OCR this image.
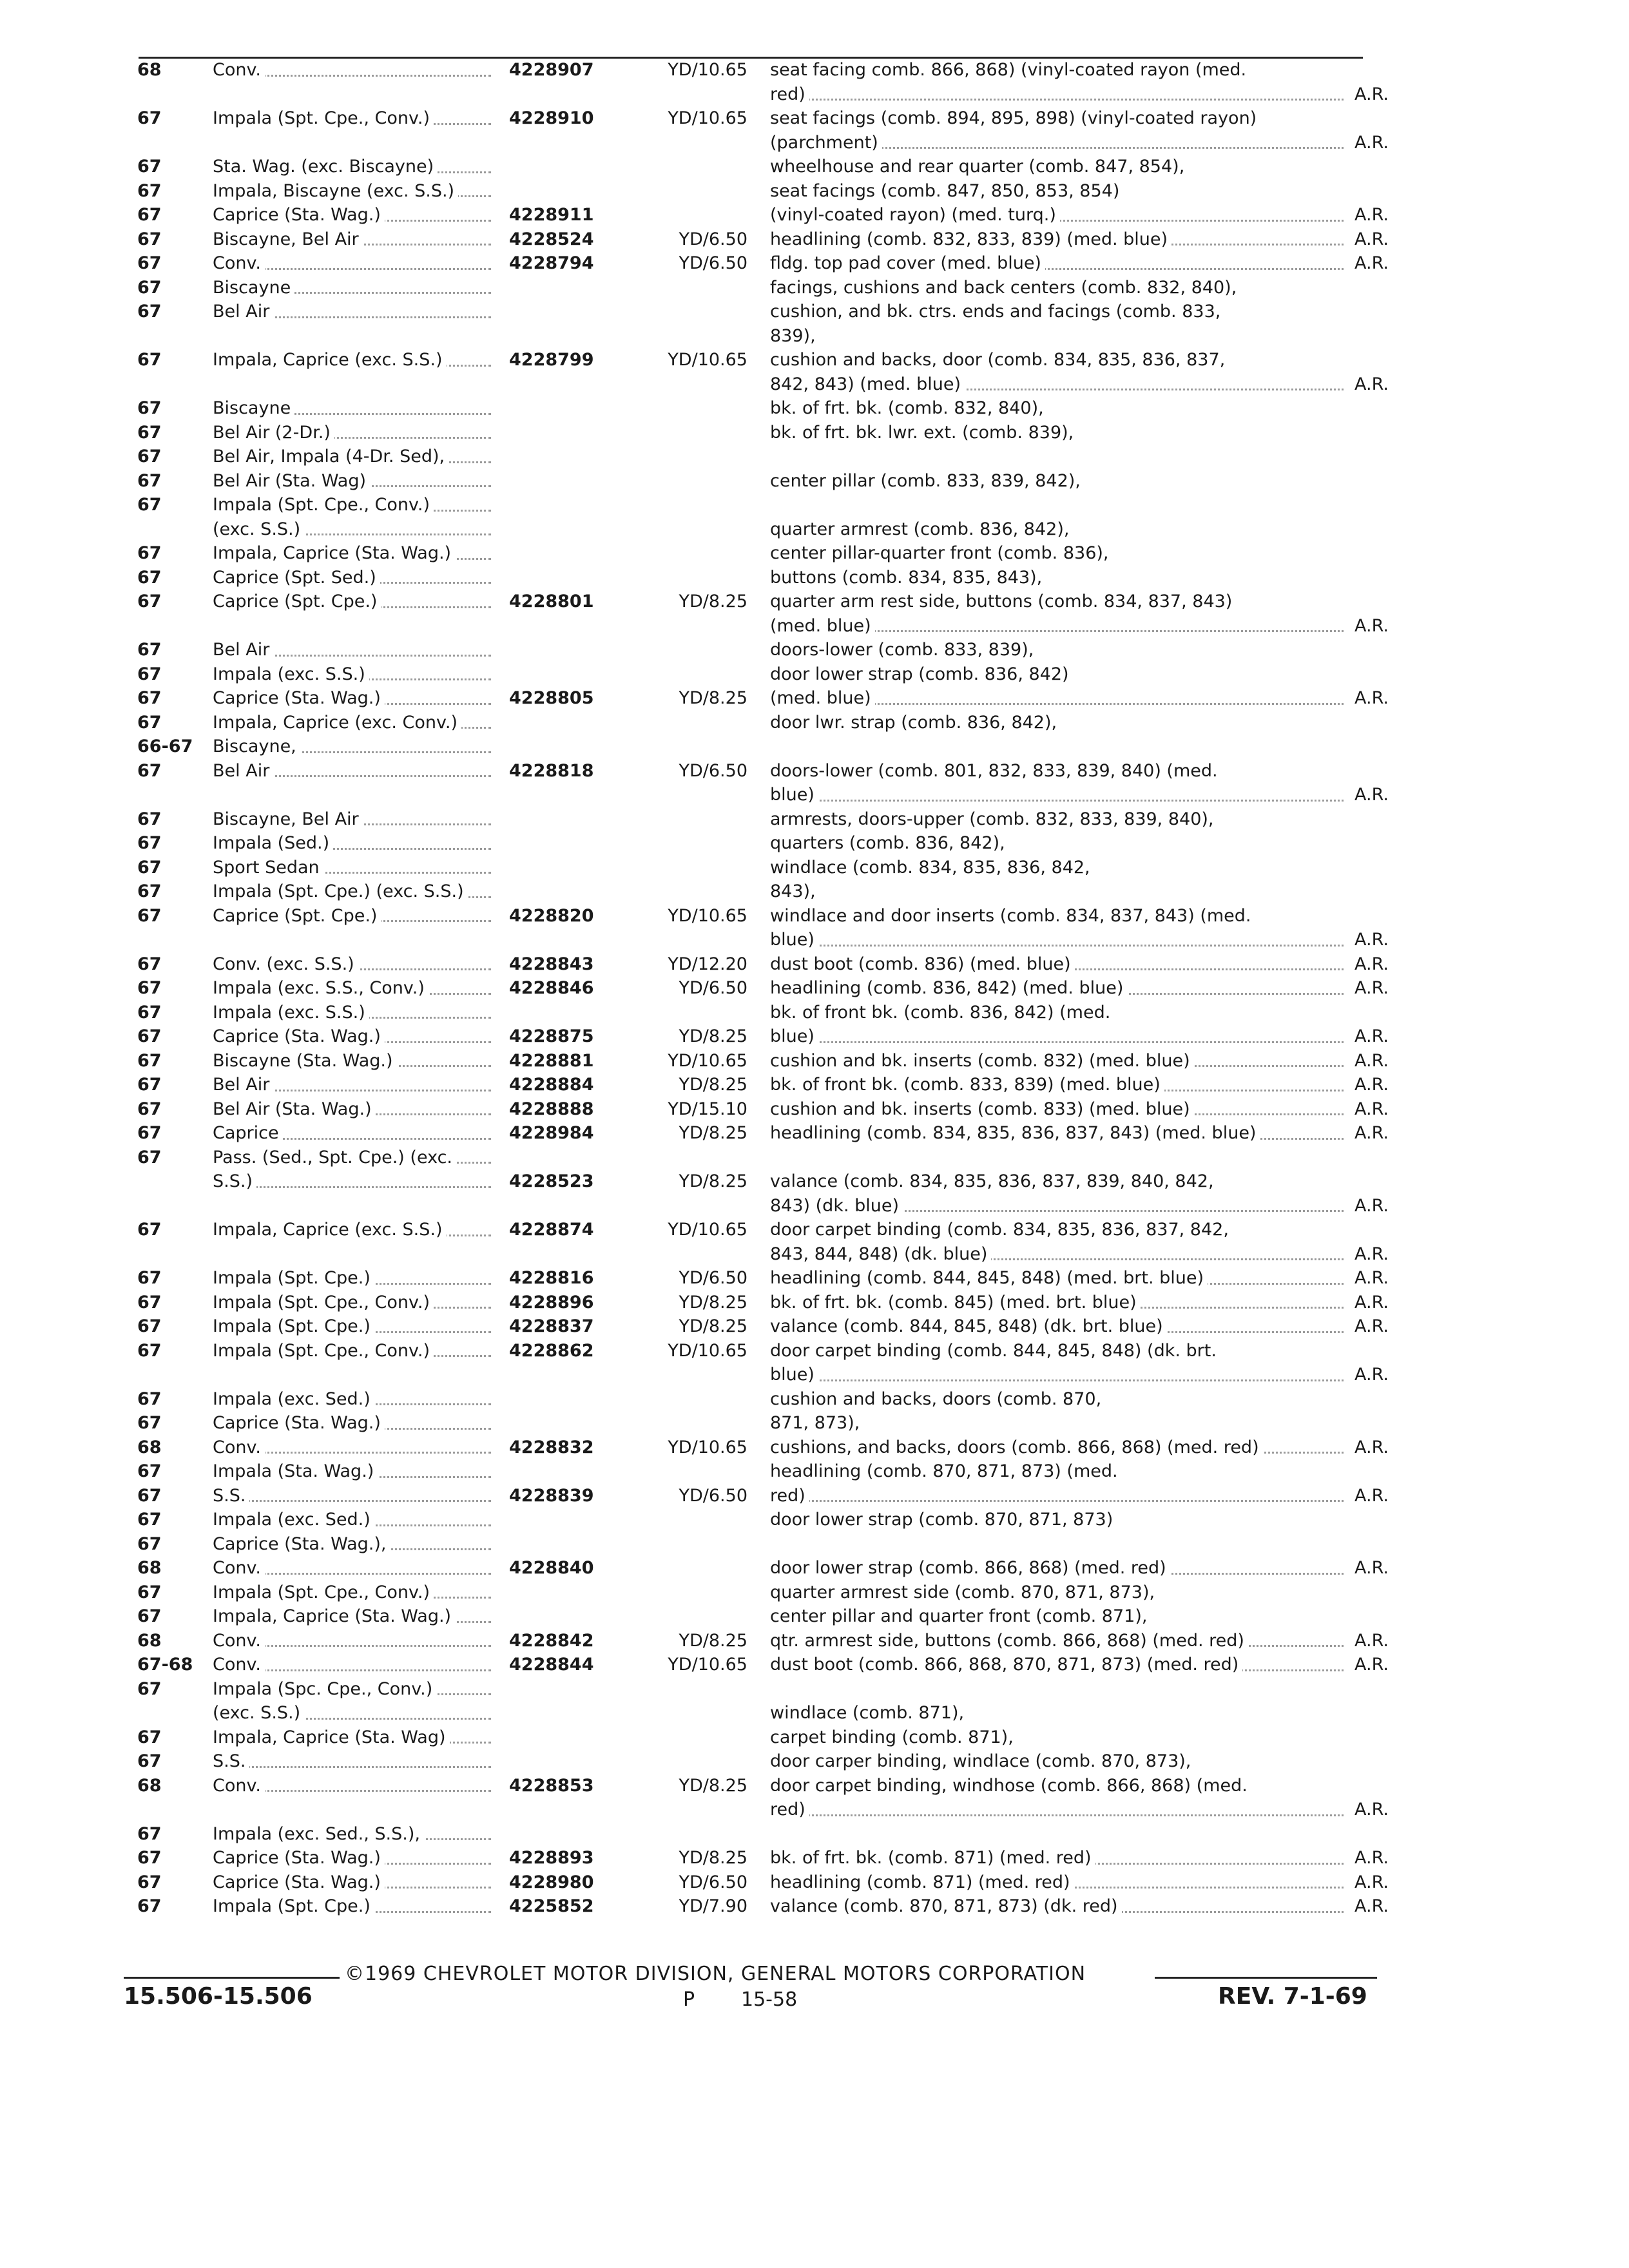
68	Conv.	4228907	YD/10.65 seat facing comb. 866, 868) (vinyl-coated rayon (med.
red)	A.R.
67	Impala (Spt. Cpe., Conv.)	4228910	YD/10.65 seat facings (comb. 894, 895, 898) (vinyl-coated rayon)
(parchment)	A.R.
67	Sta. Wag. (exc. Biscayne)	wheelhouse and rear quarter (comb. 847, 854),
67	Impala, Biscayne (exc. S.S.)	seat facings (comb. 847, 850, 853, 854)
67	Caprice (Sta. Wag.)	4228911	(vinyl-coated rayon) (med. turq.)	A.R.
67	Biscayne, Bel Air	4228524	YD/6.50 headlining (comb. 832, 833, 839) (med. blue)	A.R.
67	Conv.	4228794	YD/6.50 fldg. top pad cover (med. blue)	A.R.
67	Biscayne	facings, cushions and back centers (comb. 832, 840),
67	Bel Air	cushion, and bk. ctrs. ends and facings (comb. 833,
839),
67	Impala, Caprice (exc. S.S.)	4228799	YD/10.65 cushion and backs, door (comb. 834, 835, 836, 837,
842, 843) (med. blue)	A.R.
67	Biscayne	bk. of frt. bk. (comb. 832, 840),
67	Bel Air (2-Dr.)	bk. of frt. bk. lwr. ext. (comb. 839),
67	Bel Air, Impala (4-Dr. Sed),
67	Bel Air (Sta. Wag)	center pillar (comb. 833, 839, 842),
67	Impala (Spt. Cpe., Conv.)
(exc. S.S.)	quarter armrest (comb. 836, 842),
67	Impala, Caprice (Sta. Wag.)	center pillar-quarter front (comb. 836),
67	Caprice (Spt. Sed.)	buttons (comb. 834, 835, 843),
67	Caprice (Spt. Cpe.)	4228801	YD/8.25 quarter arm rest side, buttons (comb. 834, 837, 843)
(med. blue)	A.R.
67	Bel Air	doors-lower (comb. 833, 839),
67	Impala (exc. S.S.)	door lower strap (comb. 836, 842)
67	Caprice (Sta. Wag.)	4228805	YD/8.25 (med. blue)	A.R.
67	Impala, Caprice (exc. Conv.)	door lwr. strap (comb. 836, 842),
66-67	Biscayne,
67	Bel Air	4228818	YD/6.50 doors-lower (comb. 801, 832, 833, 839, 840) (med.
blue)	A.R.
67	Biscayne, Bel Air	armrests, doors-upper (comb. 832, 833, 839, 840),
67	Impala (Sed.)	quarters (comb. 836, 842),
67	Sport Sedan	windlace (comb. 834, 835, 836, 842,
67	Impala (Spt. Cpe.) (exc. S.S.)	843),
67	Caprice (Spt. Cpe.)	4228820	YD/10.65 windlace and door inserts (comb. 834, 837, 843) (med.
blue)	A.R.
67	Conv. (exc. S.S.)	4228843	YD/12.20 dust boot (comb. 836) (med. blue)	A.R.
67	Impala (exc. S.S., Conv.)	4228846	YD/6.50 headlining (comb. 836, 842) (med. blue)	A.R.
67	Impala (exc. S.S.)	bk. of front bk. (comb. 836, 842) (med.
67	Caprice (Sta. Wag.)	4228875	YD/8.25 blue)	A.R.
67	Biscayne (Sta. Wag.)	4228881	YD/10.65 cushion and bk. inserts (comb. 832) (med. blue)	A.R.
67	Bel Air	4228884	YD/8.25 bk. of front bk. (comb. 833, 839) (med. blue)	A.R.
67	Bel Air (Sta. Wag.)	4228888	YD/15.10 cushion and bk. inserts (comb. 833) (med. blue)	A.R.
67	Caprice	4228984	YD/8.25 headlining (comb. 834, 835, 836, 837, 843) (med. blue)	A.R.
67	Pass. (Sed., Spt. Cpe.) (exc.
S.S.)	4228523	YD/8.25 valance (comb. 834, 835, 836, 837, 839, 840, 842,
843) (dk. blue)	A.R.
67	Impala, Caprice (exc. S.S.)	4228874	YD/10.65 door carpet binding (comb. 834, 835, 836, 837, 842,
843, 844, 848) (dk. blue)	A.R.
67	Impala (Spt. Cpe.)	4228816	YD/6.50 headlining (comb. 844, 845, 848) (med. brt. blue)	A.R.
67	Impala (Spt. Cpe., Conv.)	4228896	YD/8.25 bk. of frt. bk. (comb. 845) (med. brt. blue)	A.R.
67	Impala (Spt. Cpe.)	4228837	YD/8.25 valance (comb. 844, 845, 848) (dk. brt. blue)	A.R.
67	Impala (Spt. Cpe., Conv.)	4228862	YD/10.65 door carpet binding (comb. 844, 845, 848) (dk. brt.
blue)	A.R.
67	Impala (exc. Sed.)	cushion and backs, doors (comb. 870,
67	Caprice (Sta. Wag.)	871, 873),
68	Conv.	4228832	YD/10.65 cushions, and backs, doors (comb. 866, 868) (med. red)	A.R.
67	Impala (Sta. Wag.)	headlining (comb. 870, 871, 873) (med.
67	S.S.	4228839	YD/6.50 red)	A.R.
67	Impala (exc. Sed.)	door lower strap (comb. 870, 871, 873)
67	Caprice (Sta. Wag.),
68	Conv.	4228840	door lower strap (comb. 866, 868) (med. red)	A.R.
67	Impala (Spt. Cpe., Conv.)	quarter armrest side (comb. 870, 871, 873),
67	Impala, Caprice (Sta. Wag.)	center pillar and quarter front (comb. 871),
68	Conv.	4228842	YD/8.25 qtr. armrest side, buttons (comb. 866, 868) (med. red)	A.R.
67-68	Conv.	4228844	YD/10.65 dust boot (comb. 866, 868, 870, 871, 873) (med. red)	A.R.
67	Impala (Spc. Cpe., Conv.)
(exc. S.S.)	windlace (comb. 871),
67	Impala, Caprice (Sta. Wag)	carpet binding (comb. 871),
67	S.S.	door carper binding, windlace (comb. 870, 873),
68	Conv.	4228853	YD/8.25 door carpet binding, windhose (comb. 866, 868) (med.
red)	A.R.
67	Impala (exc. Sed., S.S.),
67	Caprice (Sta. Wag.)	4228893	YD/8.25 bk. of frt. bk. (comb. 871) (med. red)	A.R.
67	Caprice (Sta. Wag.)	4228980	YD/6.50 headlining (comb. 871) (med. red)	A.R.
67	Impala (Spt. Cpe.)	4225852	YD/7.90 valance (comb. 870, 871, 873) (dk. red)	A.R.
©1969 CHEVROLET MOTOR DIVISION, GENERAL MOTORS CORPORATION
15.506-15.506	P 15-58	REV. 7-1-69
